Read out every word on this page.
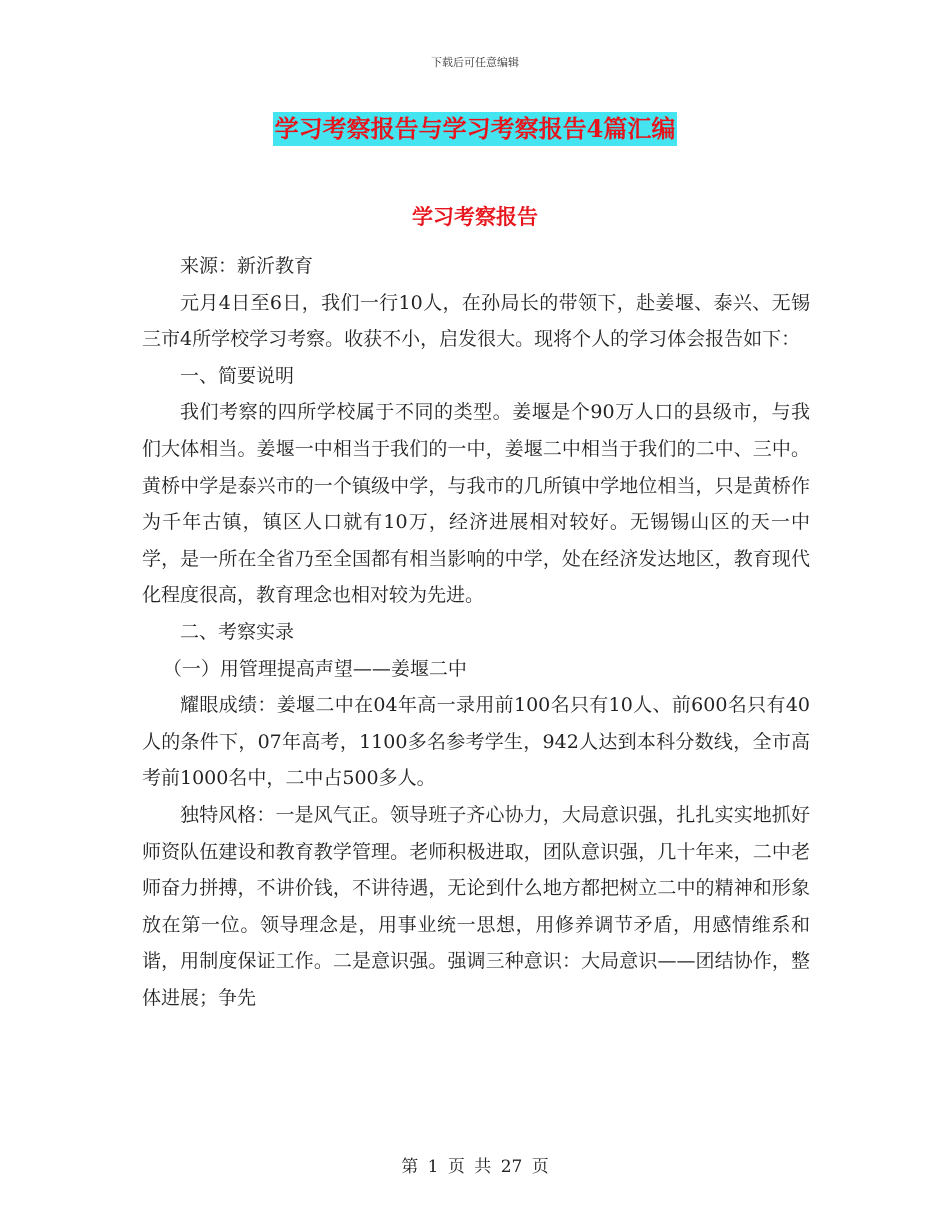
下载后可任意编辑
学习考察报告与学习考察报告4篇汇编
学习考察报告

来源：新沂教育

元月4日至6日，我们一行10人，在孙局长的带领下，赴姜堰、泰兴、无锡三市4所学校学习考察。收获不小，启发很大。现将个人的学习体会报告如下：

一、简要说明

我们考察的四所学校属于不同的类型。姜堰是个90万人口的县级市，与我们大体相当。姜堰一中相当于我们的一中，姜堰二中相当于我们的二中、三中。黄桥中学是泰兴市的一个镇级中学，与我市的几所镇中学地位相当，只是黄桥作为千年古镇，镇区人口就有10万，经济进展相对较好。无锡锡山区的天一中学，是一所在全省乃至全国都有相当影响的中学，处在经济发达地区，教育现代化程度很高，教育理念也相对较为先进。

二、考察实录

（一）用管理提高声望——姜堰二中

耀眼成绩：姜堰二中在04年高一录用前100名只有10人、前600名只有40人的条件下，07年高考，1100多名参考学生，942人达到本科分数线，全市高考前1000名中，二中占500多人。

独特风格：一是风气正。领导班子齐心协力，大局意识强，扎扎实实地抓好师资队伍建设和教育教学管理。老师积极进取，团队意识强，几十年来，二中老师奋力拼搏，不讲价钱，不讲待遇，无论到什么地方都把树立二中的精神和形象放在第一位。领导理念是，用事业统一思想，用修养调节矛盾，用感情维系和谐，用制度保证工作。二是意识强。强调三种意识：大局意识——团结协作，整体进展；争先

第 1 页 共 27 页
